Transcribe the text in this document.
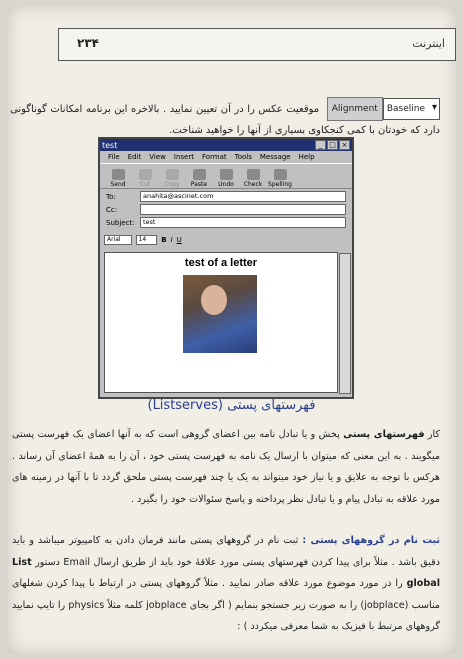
۲۳۴	اینترنت
Baseline ▾
Alignment
موقعیت عکس را در آن تعیین نمایید . بالاخره این برنامه امکانات گوناگونی دارد که خودتان با کمی کنجکاوی بسیاری از آنها را خواهید شناخت.
test	_ □ ×
File Edit View Insert Format Tools Message Help
Send Cut Copy Paste Undo Check Spelling
To:	anahita@ascinet.com
Cc:
Subject:	test
Arial	14	B I U
test of a letter
فهرستهای پستی (Listserves)
کار فهرستهای پستی پخش و یا تبادل نامه بین اعضای گروهی است که به آنها اعضای یک فهرست پستی میگویند . به این معنی که میتوان با ارسال یک نامه به فهرست پستی خود ، آن را به همهٔ اعضای آن رساند . هرکس با توجه به علایق و یا نیاز خود میتواند به یک یا چند فهرست پستی ملحق گردد تا با آنها در زمینه های مورد علاقه به تبادل پیام و یا تبادل نظر پرداخته و پاسخ سئوالات خود را بگیرد .
ثبت نام در گروههای پستی : ثبت نام در گروههای پستی مانند فرمان دادن به کامپیوتر میباشد و باید دقیق باشد . مثلاً برای پیدا کردن فهرستهای پستی مورد علاقهٔ خود باید از طریق ارسال Email دستور List global را در مورد موضوع مورد علاقه صادر نمایید . مثلاً گروههای پستی در ارتباط با پیدا کردن شغلهای مناسب (jobplace) را به صورت زیر جستجو بنمایم ( اگر بجای jobplace کلمه مثلاً physics را تایپ نمایید گروههای مرتبط با فیزیک به شما معرفی میکردد ) :
